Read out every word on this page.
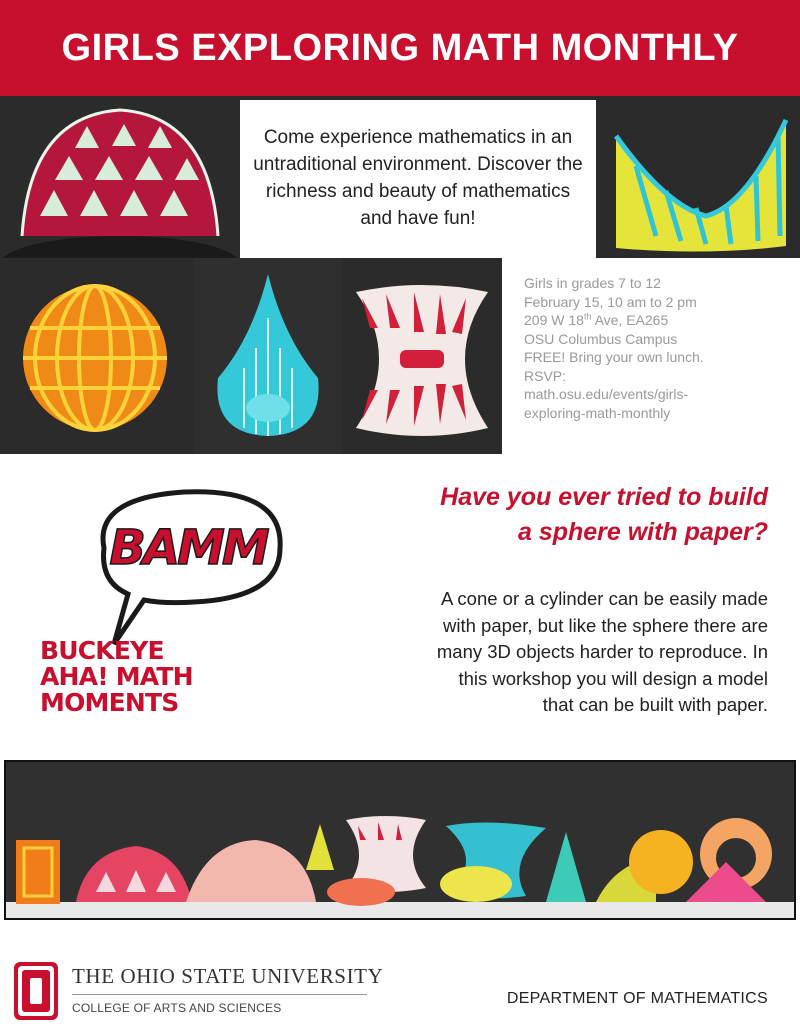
GIRLS EXPLORING MATH MONTHLY

Come experience mathematics in an untraditional environment. Discover the richness and beauty of mathematics and have fun!

Girls in grades 7 to 12
February 15, 10 am to 2 pm
209 W 18th Ave, EA265
OSU Columbus Campus
FREE! Bring your own lunch.
RSVP:
math.osu.edu/events/girls-
exploring-math-monthly
BAMM
BUCKEYE
AHA! MATH
MOMENTS
Have you ever tried to build
a sphere with paper?
A cone or a cylinder can be easily made
with paper, but like the sphere there are
many 3D objects harder to reproduce. In
this workshop you will design a model
that can be built with paper.
THE OHIO STATE UNIVERSITY
COLLEGE OF ARTS AND SCIENCES
DEPARTMENT OF MATHEMATICS
